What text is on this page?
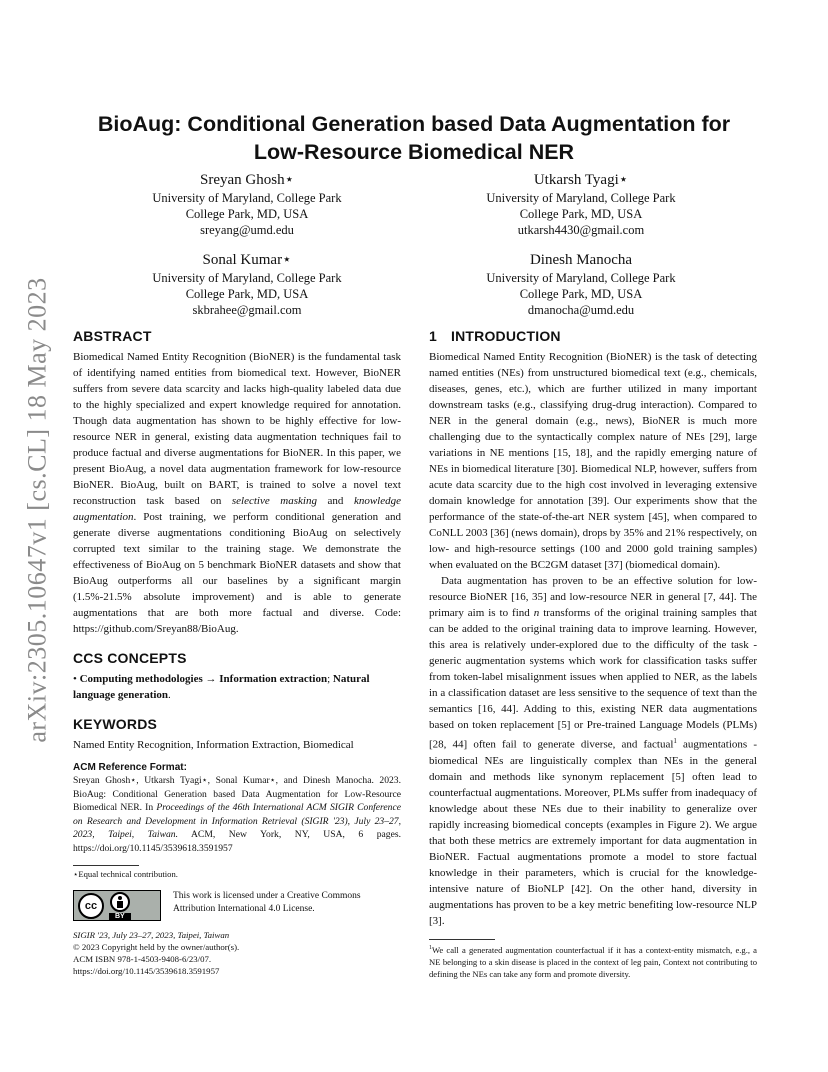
arXiv:2305.10647v1 [cs.CL] 18 May 2023
BioAug: Conditional Generation based Data Augmentation for
Low-Resource Biomedical NER
Sreyan Ghosh⋆
University of Maryland, College Park
College Park, MD, USA
sreyang@umd.edu
Utkarsh Tyagi⋆
University of Maryland, College Park
College Park, MD, USA
utkarsh4430@gmail.com
Sonal Kumar⋆
University of Maryland, College Park
College Park, MD, USA
skbrahee@gmail.com
Dinesh Manocha
University of Maryland, College Park
College Park, MD, USA
dmanocha@umd.edu
ABSTRACT

Biomedical Named Entity Recognition (BioNER) is the fundamental task of identifying named entities from biomedical text. However, BioNER suffers from severe data scarcity and lacks high-quality labeled data due to the highly specialized and expert knowledge required for annotation. Though data augmentation has shown to be highly effective for low-resource NER in general, existing data augmentation techniques fail to produce factual and diverse augmentations for BioNER. In this paper, we present BioAug, a novel data augmentation framework for low-resource BioNER. BioAug, built on BART, is trained to solve a novel text reconstruction task based on selective masking and knowledge augmentation. Post training, we perform conditional generation and generate diverse augmentations conditioning BioAug on selectively corrupted text similar to the training stage. We demonstrate the effectiveness of BioAug on 5 benchmark BioNER datasets and show that BioAug outperforms all our baselines by a significant margin (1.5%-21.5% absolute improvement) and is able to generate augmentations that are both more factual and diverse. Code: https://github.com/Sreyan88/BioAug.

CCS CONCEPTS

• Computing methodologies → Information extraction; Natural language generation.

KEYWORDS

Named Entity Recognition, Information Extraction, Biomedical

ACM Reference Format:

Sreyan Ghosh⋆, Utkarsh Tyagi⋆, Sonal Kumar⋆, and Dinesh Manocha. 2023. BioAug: Conditional Generation based Data Augmentation for Low-Resource Biomedical NER. In Proceedings of the 46th International ACM SIGIR Conference on Research and Development in Information Retrieval (SIGIR '23), July 23–27, 2023, Taipei, Taiwan. ACM, New York, NY, USA, 6 pages. https://doi.org/10.1145/3539618.3591957

⋆Equal technical contribution.

cc
BY

This work is licensed under a Creative Commons Attribution International 4.0 License.

SIGIR '23, July 23–27, 2023, Taipei, Taiwan
© 2023 Copyright held by the owner/author(s).
ACM ISBN 978-1-4503-9408-6/23/07.
https://doi.org/10.1145/3539618.3591957
1 INTRODUCTION

Biomedical Named Entity Recognition (BioNER) is the task of detecting named entities (NEs) from unstructured biomedical text (e.g., chemicals, diseases, genes, etc.), which are further utilized in many important downstream tasks (e.g., classifying drug-drug interaction). Compared to NER in the general domain (e.g., news), BioNER is much more challenging due to the syntactically complex nature of NEs [29], large variations in NE mentions [15, 18], and the rapidly emerging nature of NEs in biomedical literature [30]. Biomedical NLP, however, suffers from acute data scarcity due to the high cost involved in leveraging extensive domain knowledge for annotation [39]. Our experiments show that the performance of the state-of-the-art NER system [45], when compared to CoNLL 2003 [36] (news domain), drops by 35% and 21% respectively, on low- and high-resource settings (100 and 2000 gold training samples) when evaluated on the BC2GM dataset [37] (biomedical domain).

Data augmentation has proven to be an effective solution for low-resource BioNER [16, 35] and low-resource NER in general [7, 44]. The primary aim is to find n transforms of the original training samples that can be added to the original training data to improve learning. However, this area is relatively under-explored due to the difficulty of the task - generic augmentation systems which work for classification tasks suffer from token-label misalignment issues when applied to NER, as the labels in a classification dataset are less sensitive to the sequence of text than the semantics [16, 44]. Adding to this, existing NER data augmentations based on token replacement [5] or Pre-trained Language Models (PLMs) [28, 44] often fail to generate diverse, and factual$^1$ augmentations - biomedical NEs are linguistically complex than NEs in the general domain and methods like synonym replacement [5] often lead to counterfactual augmentations. Moreover, PLMs suffer from inadequacy of knowledge about these NEs due to their inability to generalize over rapidly increasing biomedical concepts (examples in Figure 2). We argue that both these metrics are extremely important for data augmentation in BioNER. Factual augmentations promote a model to store factual knowledge in their parameters, which is crucial for the knowledge-intensive nature of BioNLP [42]. On the other hand, diversity in augmentations has proven to be a key metric benefiting low-resource NLP [3].

$^1$We call a generated augmentation counterfactual if it has a context-entity mismatch, e.g., a NE belonging to a skin disease is placed in the context of leg pain, Context not contributing to defining the NEs can take any form and promote diversity.
